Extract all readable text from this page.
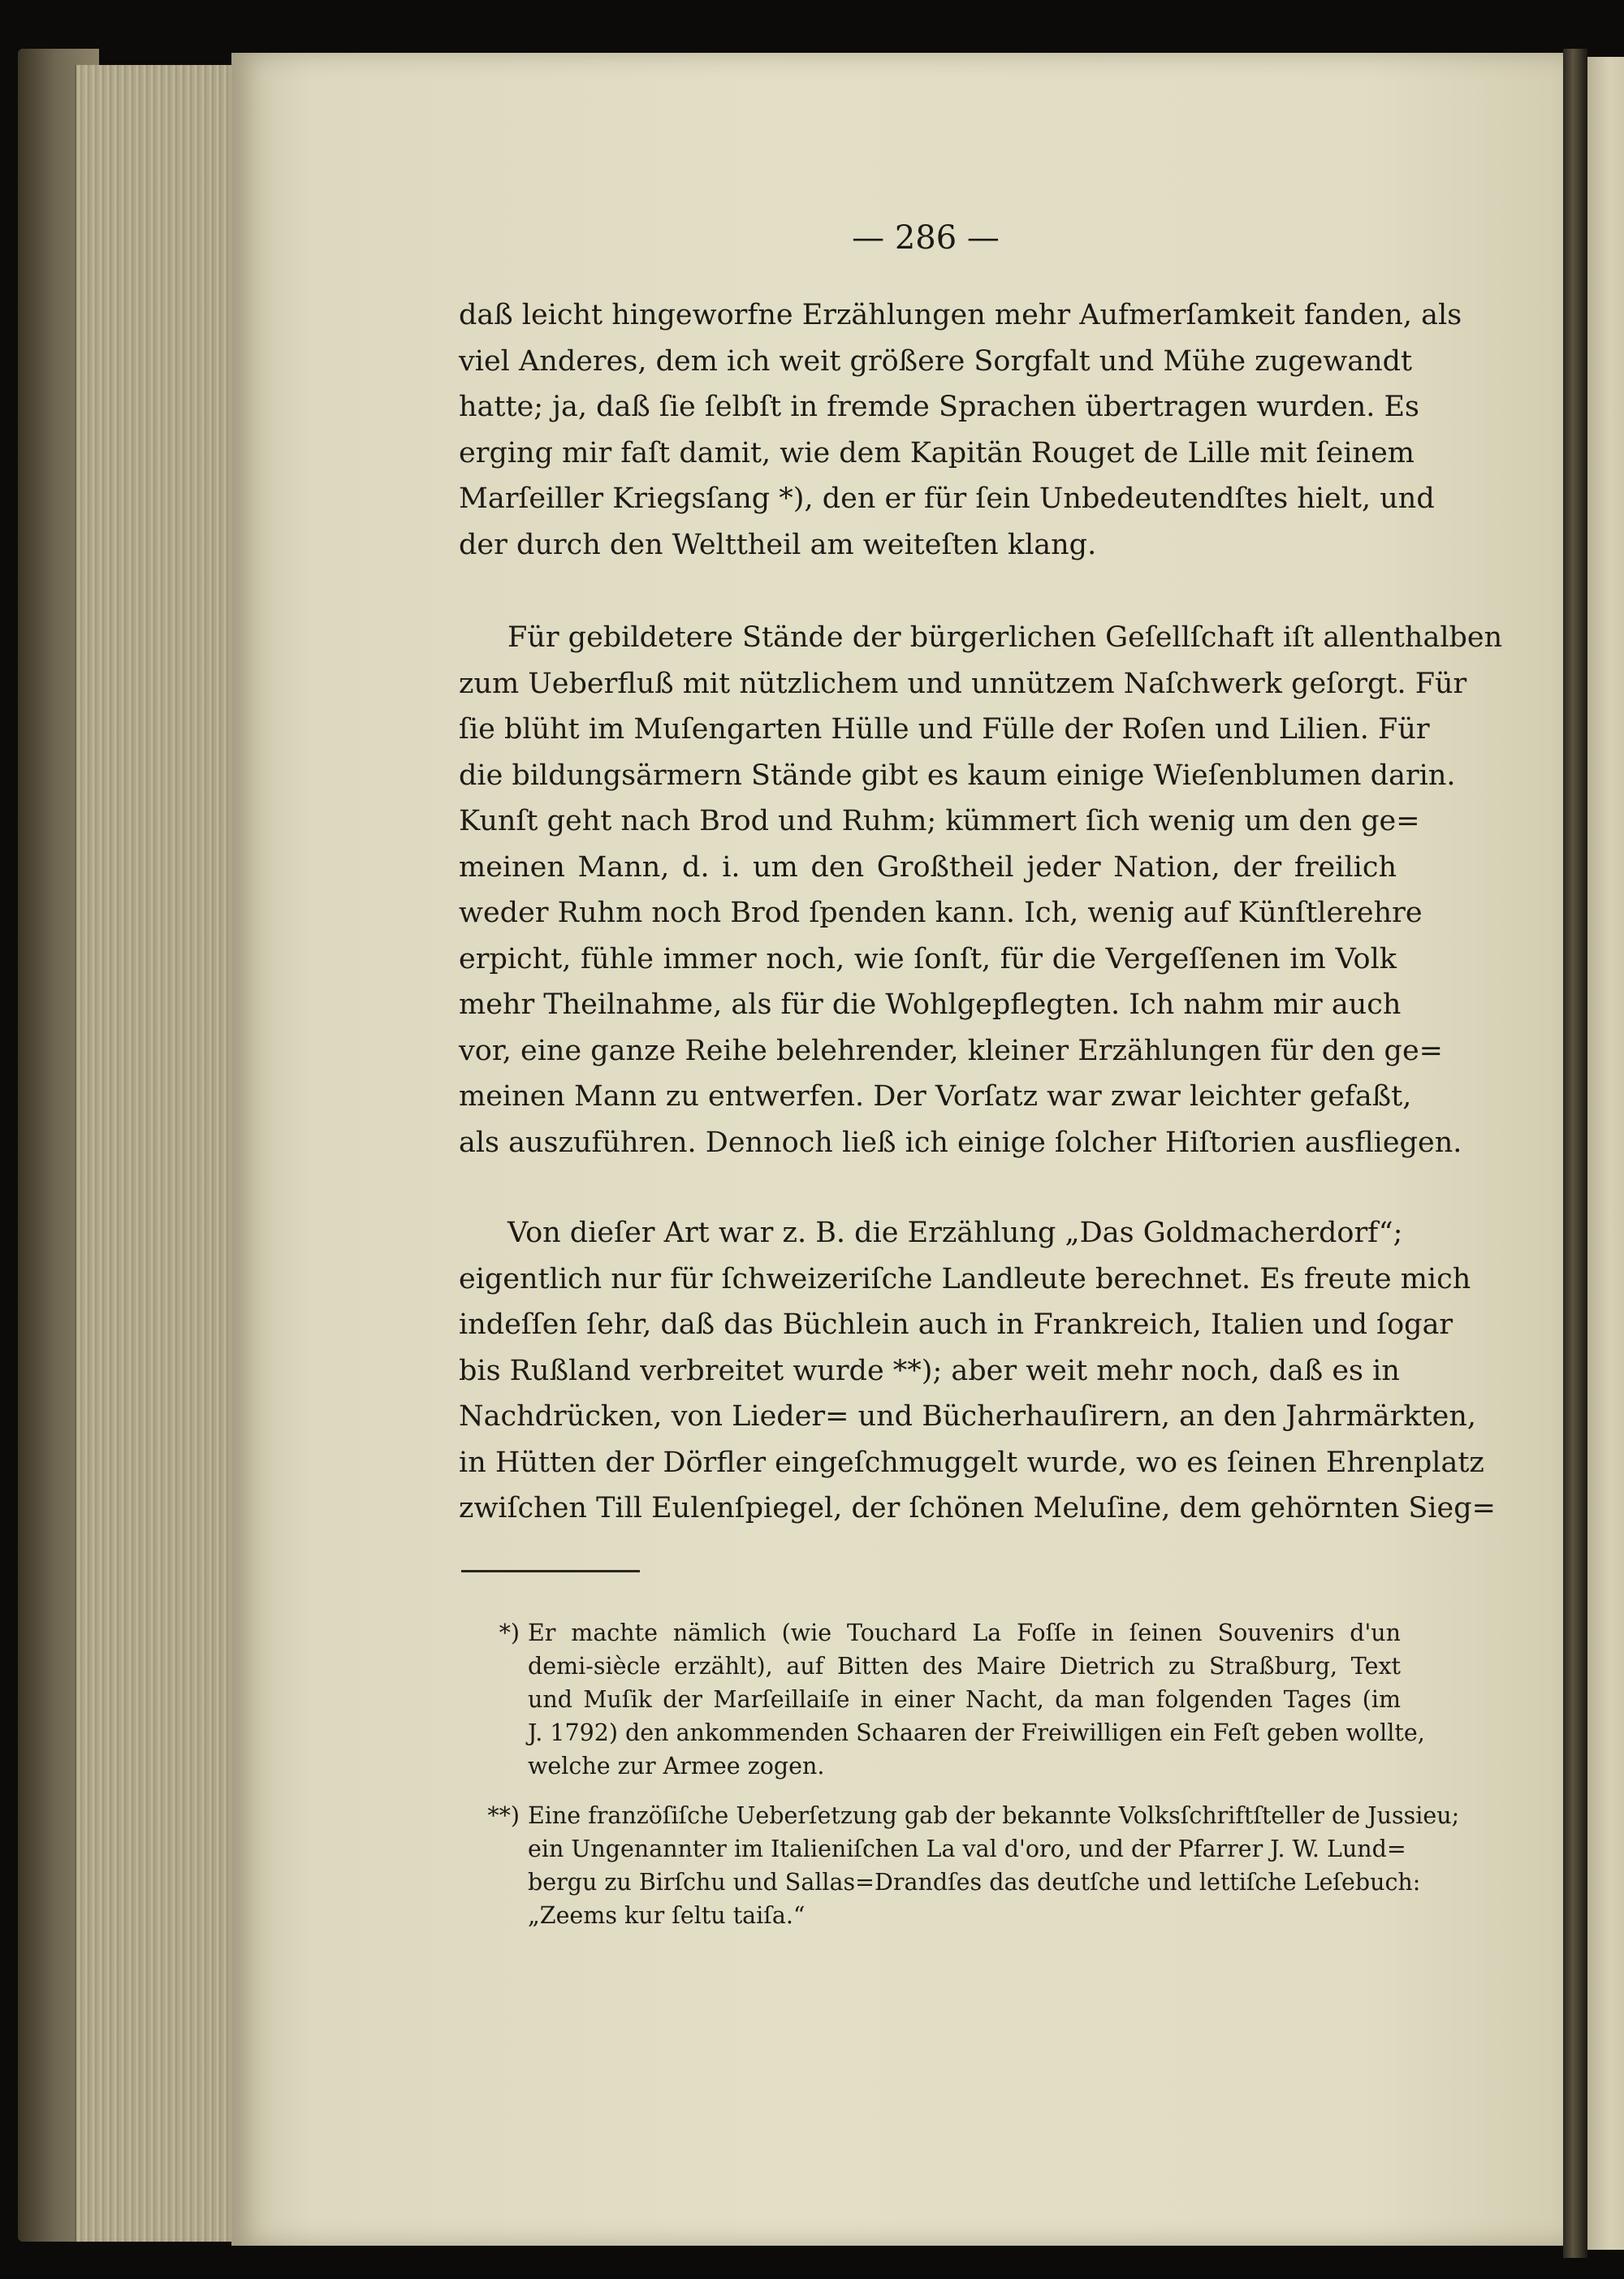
— 286 —
daß leicht hingeworfne Erzählungen mehr Aufmerſamkeit fanden, als
viel Anderes, dem ich weit größere Sorgfalt und Mühe zugewandt
hatte; ja, daß ſie ſelbſt in fremde Sprachen übertragen wurden. Es
erging mir faſt damit, wie dem Kapitän Rouget de Lille mit ſeinem
Marſeiller Kriegsſang *), den er für ſein Unbedeutendſtes hielt, und
der durch den Welttheil am weiteſten klang.
Für gebildetere Stände der bürgerlichen Geſellſchaft iſt allenthalben
zum Ueberfluß mit nützlichem und unnützem Naſchwerk geſorgt. Für
ſie blüht im Muſengarten Hülle und Fülle der Roſen und Lilien. Für
die bildungsärmern Stände gibt es kaum einige Wieſenblumen darin.
Kunſt geht nach Brod und Ruhm; kümmert ſich wenig um den ge=
meinen Mann, d. i. um den Großtheil jeder Nation, der freilich
weder Ruhm noch Brod ſpenden kann. Ich, wenig auf Künſtlerehre
erpicht, fühle immer noch, wie ſonſt, für die Vergeſſenen im Volk
mehr Theilnahme, als für die Wohlgepflegten. Ich nahm mir auch
vor, eine ganze Reihe belehrender, kleiner Erzählungen für den ge=
meinen Mann zu entwerfen. Der Vorſatz war zwar leichter gefaßt,
als auszuführen. Dennoch ließ ich einige ſolcher Hiſtorien ausfliegen.
Von dieſer Art war z. B. die Erzählung „Das Goldmacherdorf“;
eigentlich nur für ſchweizeriſche Landleute berechnet. Es freute mich
indeſſen ſehr, daß das Büchlein auch in Frankreich, Italien und ſogar
bis Rußland verbreitet wurde **); aber weit mehr noch, daß es in
Nachdrücken, von Lieder= und Bücherhauſirern, an den Jahrmärkten,
in Hütten der Dörfler eingeſchmuggelt wurde, wo es ſeinen Ehrenplatz
zwiſchen Till Eulenſpiegel, der ſchönen Meluſine, dem gehörnten Sieg=
*) Er machte nämlich (wie Touchard La Foſſe in ſeinen Souvenirs d'un
demi-siècle erzählt), auf Bitten des Maire Dietrich zu Straßburg, Text
und Muſik der Marſeillaiſe in einer Nacht, da man folgenden Tages (im
J. 1792) den ankommenden Schaaren der Freiwilligen ein Feſt geben wollte,
welche zur Armee zogen.
**) Eine franzöſiſche Ueberſetzung gab der bekannte Volksſchriftſteller de Jussieu;
ein Ungenannter im Italieniſchen La val d'oro, und der Pfarrer J. W. Lund=
bergu zu Birſchu und Sallas=Drandſes das deutſche und lettiſche Leſebuch:
„Zeems kur ſeltu taiſa.“
